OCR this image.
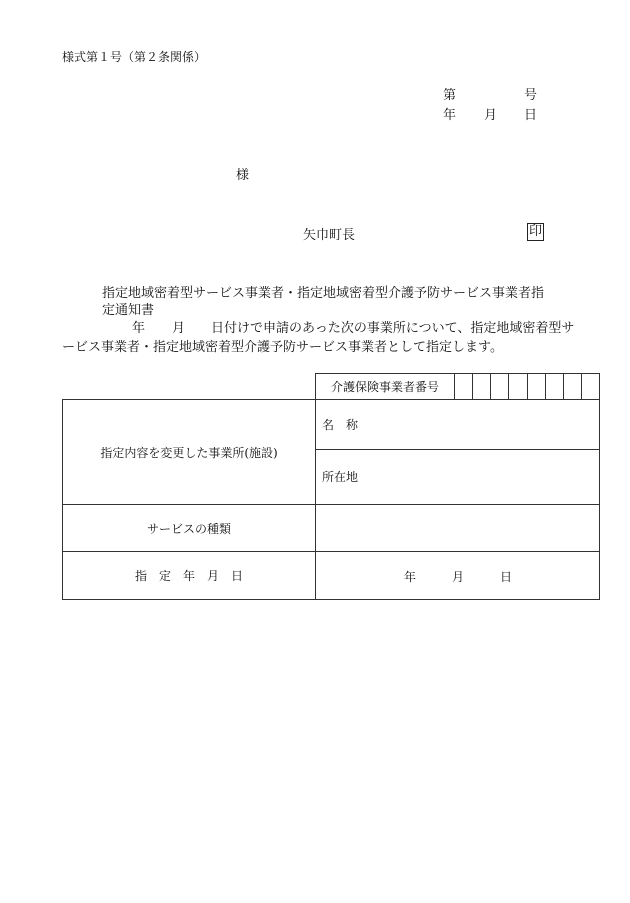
様式第１号（第２条関係）
第	号
年 月 日
様
矢巾町長	印
指定地域密着型サービス事業者・指定地域密着型介護予防サービス事業者指
定通知書
年 月 日付けで申請のあった次の事業所について、指定地域密着型サ
ービス事業者・指定地域密着型介護予防サービス事業者として指定します。
	介護保険事業者番号	

指定内容を変更した事業所(施設)	名　称	
	所在地	
サービスの種類		
指　定　年　月　日	年 月 日	
